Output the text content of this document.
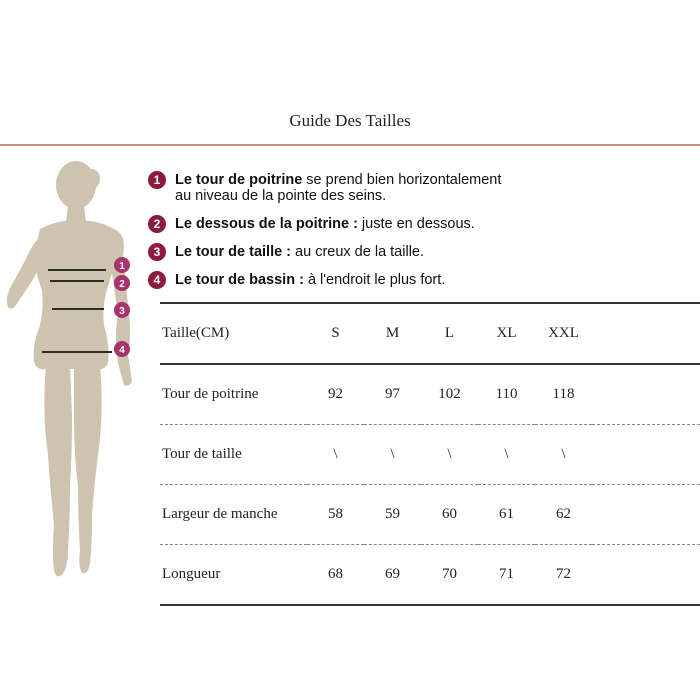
Guide Des Tailles
1
2
3
4
1	Le tour de poitrine se prend bien horizontalement
au niveau de la pointe des seins.
2	Le dessous de la poitrine : juste en dessous.
3	Le tour de taille : au creux de la taille.
4	Le tour de bassin : à l'endroit le plus fort.
Taille(CM)	S	M	L	XL	XXL	
Tour de poitrine	92	97	102	110	118	
Tour de taille	\	\	\	\	\	
Largeur de manche	58	59	60	61	62	
Longueur	68	69	70	71	72	
